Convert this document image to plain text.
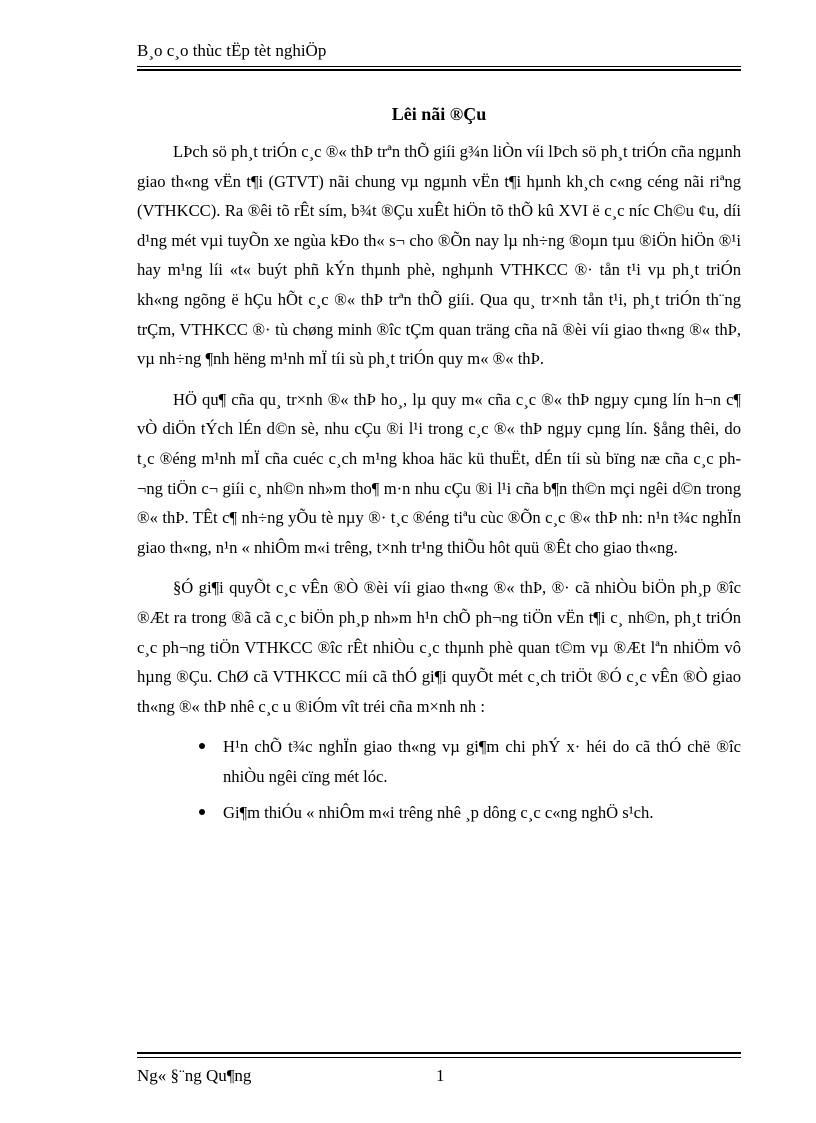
B¸o c¸o thùc tËp tèt nghiÖp
Lêi nãi ®Çu

LÞch sö ph¸t triÓn c¸c ®« thÞ trªn thÕ giíi g¾n liÒn víi lÞch sö ph¸t triÓn cña ngµnh giao th«ng vËn t¶i (GTVT) nãi chung vµ ngµnh vËn t¶i hµnh kh¸ch c«ng céng nãi riªng (VTHKCC). Ra ®êi tõ rÊt sím, b¾t ®Çu xuÊt hiÖn tõ thÕ kû XVI ë c¸c níc Ch©u ¢u, díi d¹ng mét vµi tuyÕn xe ngùa kÐo th« s¬ cho ®Õn nay lµ nh÷ng ®oµn tµu ®iÖn hiÖn ®¹i hay m¹ng líi «t« buýt phñ kÝn thµnh phè, nghµnh VTHKCC ®· tån t¹i vµ ph¸t triÓn kh«ng ngõng ë hÇu hÕt c¸c ®« thÞ trªn thÕ giíi. Qua qu¸ tr×nh tån t¹i, ph¸t triÓn th¨ng trÇm, VTHKCC ®· tù chøng minh ®îc tÇm quan träng cña nã ®èi víi giao th«ng ®« thÞ, vµ nh÷ng ¶nh hëng m¹nh mÏ tíi sù ph¸t triÓn quy m« ®« thÞ.

HÖ qu¶ cña qu¸ tr×nh ®« thÞ ho¸, lµ quy m« cña c¸c ®« thÞ ngµy cµng lín h¬n c¶ vÒ diÖn tÝch lÉn d©n sè, nhu cÇu ®i l¹i trong c¸c ®« thÞ ngµy cµng lín. §ång thêi, do t¸c ®éng m¹nh mÏ cña cuéc c¸ch m¹ng khoa häc kü thuËt, dÉn tíi sù bïng næ cña c¸c ph¬ng tiÖn c¬ giíi c¸ nh©n nh»m tho¶ m·n nhu cÇu ®i l¹i cña b¶n th©n mçi ngêi d©n trong ®« thÞ. TÊt c¶ nh÷ng yÕu tè nµy ®· t¸c ®éng tiªu cùc ®Õn c¸c ®« thÞ nh: n¹n t¾c nghÏn giao th«ng, n¹n « nhiÔm m«i trêng, t×nh tr¹ng thiÕu hôt quü ®Êt cho giao th«ng.

§Ó gi¶i quyÕt c¸c vÊn ®Ò ®èi víi giao th«ng ®« thÞ, ®· cã nhiÒu biÖn ph¸p ®îc ®Æt ra trong ®ã cã c¸c biÖn ph¸p nh»m h¹n chÕ ph¬ng tiÖn vËn t¶i c¸ nh©n, ph¸t triÓn c¸c ph¬ng tiÖn VTHKCC ®îc rÊt nhiÒu c¸c thµnh phè quan t©m vµ ®Æt lªn nhiÖm vô hµng ®Çu. ChØ cã VTHKCC míi cã thÓ gi¶i quyÕt mét c¸ch triÖt ®Ó c¸c vÊn ®Ò giao th«ng ®« thÞ nhê c¸c u ®iÓm vît tréi cña m×nh nh :

H¹n chÕ t¾c nghÏn giao th«ng vµ gi¶m chi phÝ x· héi do cã thÓ chë ®îc nhiÒu ngêi cïng mét lóc.
Gi¶m thiÓu « nhiÔm m«i trêng nhê ¸p dông c¸c c«ng nghÖ s¹ch.
Ng« §¨ng Qu¶ng	1
